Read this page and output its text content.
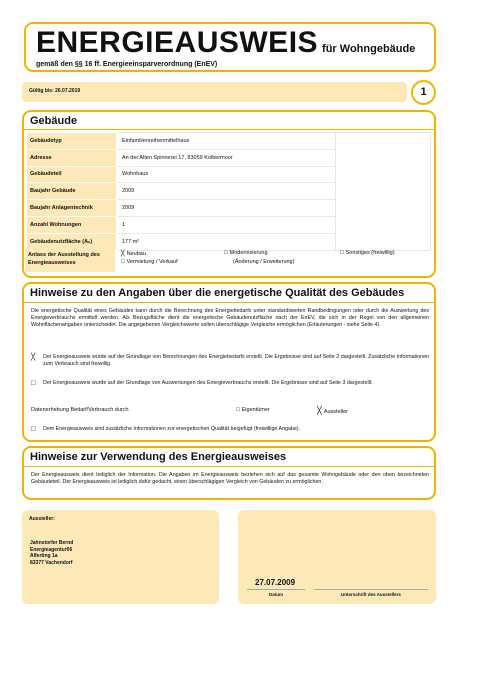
ENERGIEAUSWEIS für Wohngebäude
gemäß den §§ 16 ff. Energieeinsparverordnung (EnEV)
Gültig bis: 26.07.2019	1
Gebäude
Gebäudetyp	Einfamilienreihenmittelhaus	
Adresse	An der Alten Spinnerei 17, 83059 Kolbermoor	
Gebäudeteil	Wohnhaus	
Baujahr Gebäude	2009	
Baujahr Anlagentechnik	2009	
Anzahl Wohnungen	1	
Gebäudenutzfläche (Aₙ)	177 m²	
╳ Neubau
□ Vermietung / Verkauf
□ Modernisierung
(Änderung / Erweiterung)
□ Sonstiges (freiwillig)
Anlass der Ausstellung des Energieausweises
Hinweise zu den Angaben über die energetische Qualität des Gebäudes
Die energetische Qualität eines Gebäudes kann durch die Berechnung des Energiebedarfs unter standardisierten Randbedingungen oder durch die Auswertung des Energieverbrauchs ermittelt werden. Als Bezugsfläche dient die energetische Gebäudenutzfläche nach der EnEV, die sich in der Regel von den allgemeinen Wohnflächenangaben unterscheidet. Die angegebenen Vergleichswerte sollen überschlägige Vergleiche ermöglichen (Erläuterungen - siehe Seite 4).
╳ Der Energieausweis wurde auf der Grundlage von Berechnungen des Energiebedarfs erstellt. Die Ergebnisse sind auf Seite 2 dargestellt. Zusätzliche Informationen zum Verbrauch sind freiwillig.
□ Der Energieausweis wurde auf der Grundlage von Auswertungen des Energieverbrauchs erstellt. Die Ergebnisse sind auf Seite 3 dargestellt.
Datenerhebung Bedarf/Verbrauch durch	□ Eigentümer	╳ Aussteller
□ Dem Energieausweis sind zusätzliche Informationen zur energetischen Qualität beigefügt (freiwillige Angabe).
Hinweise zur Verwendung des Energieausweises
Der Energieausweis dient lediglich der Information. Die Angaben im Energieausweis beziehen sich auf das gesamte Wohngebäude oder den oben bezeichneten Gebäudeteil. Der Energieausweis ist lediglich dafür gedacht, einen überschlägigen Vergleich von Gebäuden zu ermöglichen.
Aussteller:
Jahnstorfer Bernd
Energieagentur06
Alferting 1a
83377 Vachendorf
27.07.2009
Datum	Unterschrift des Ausstellers
